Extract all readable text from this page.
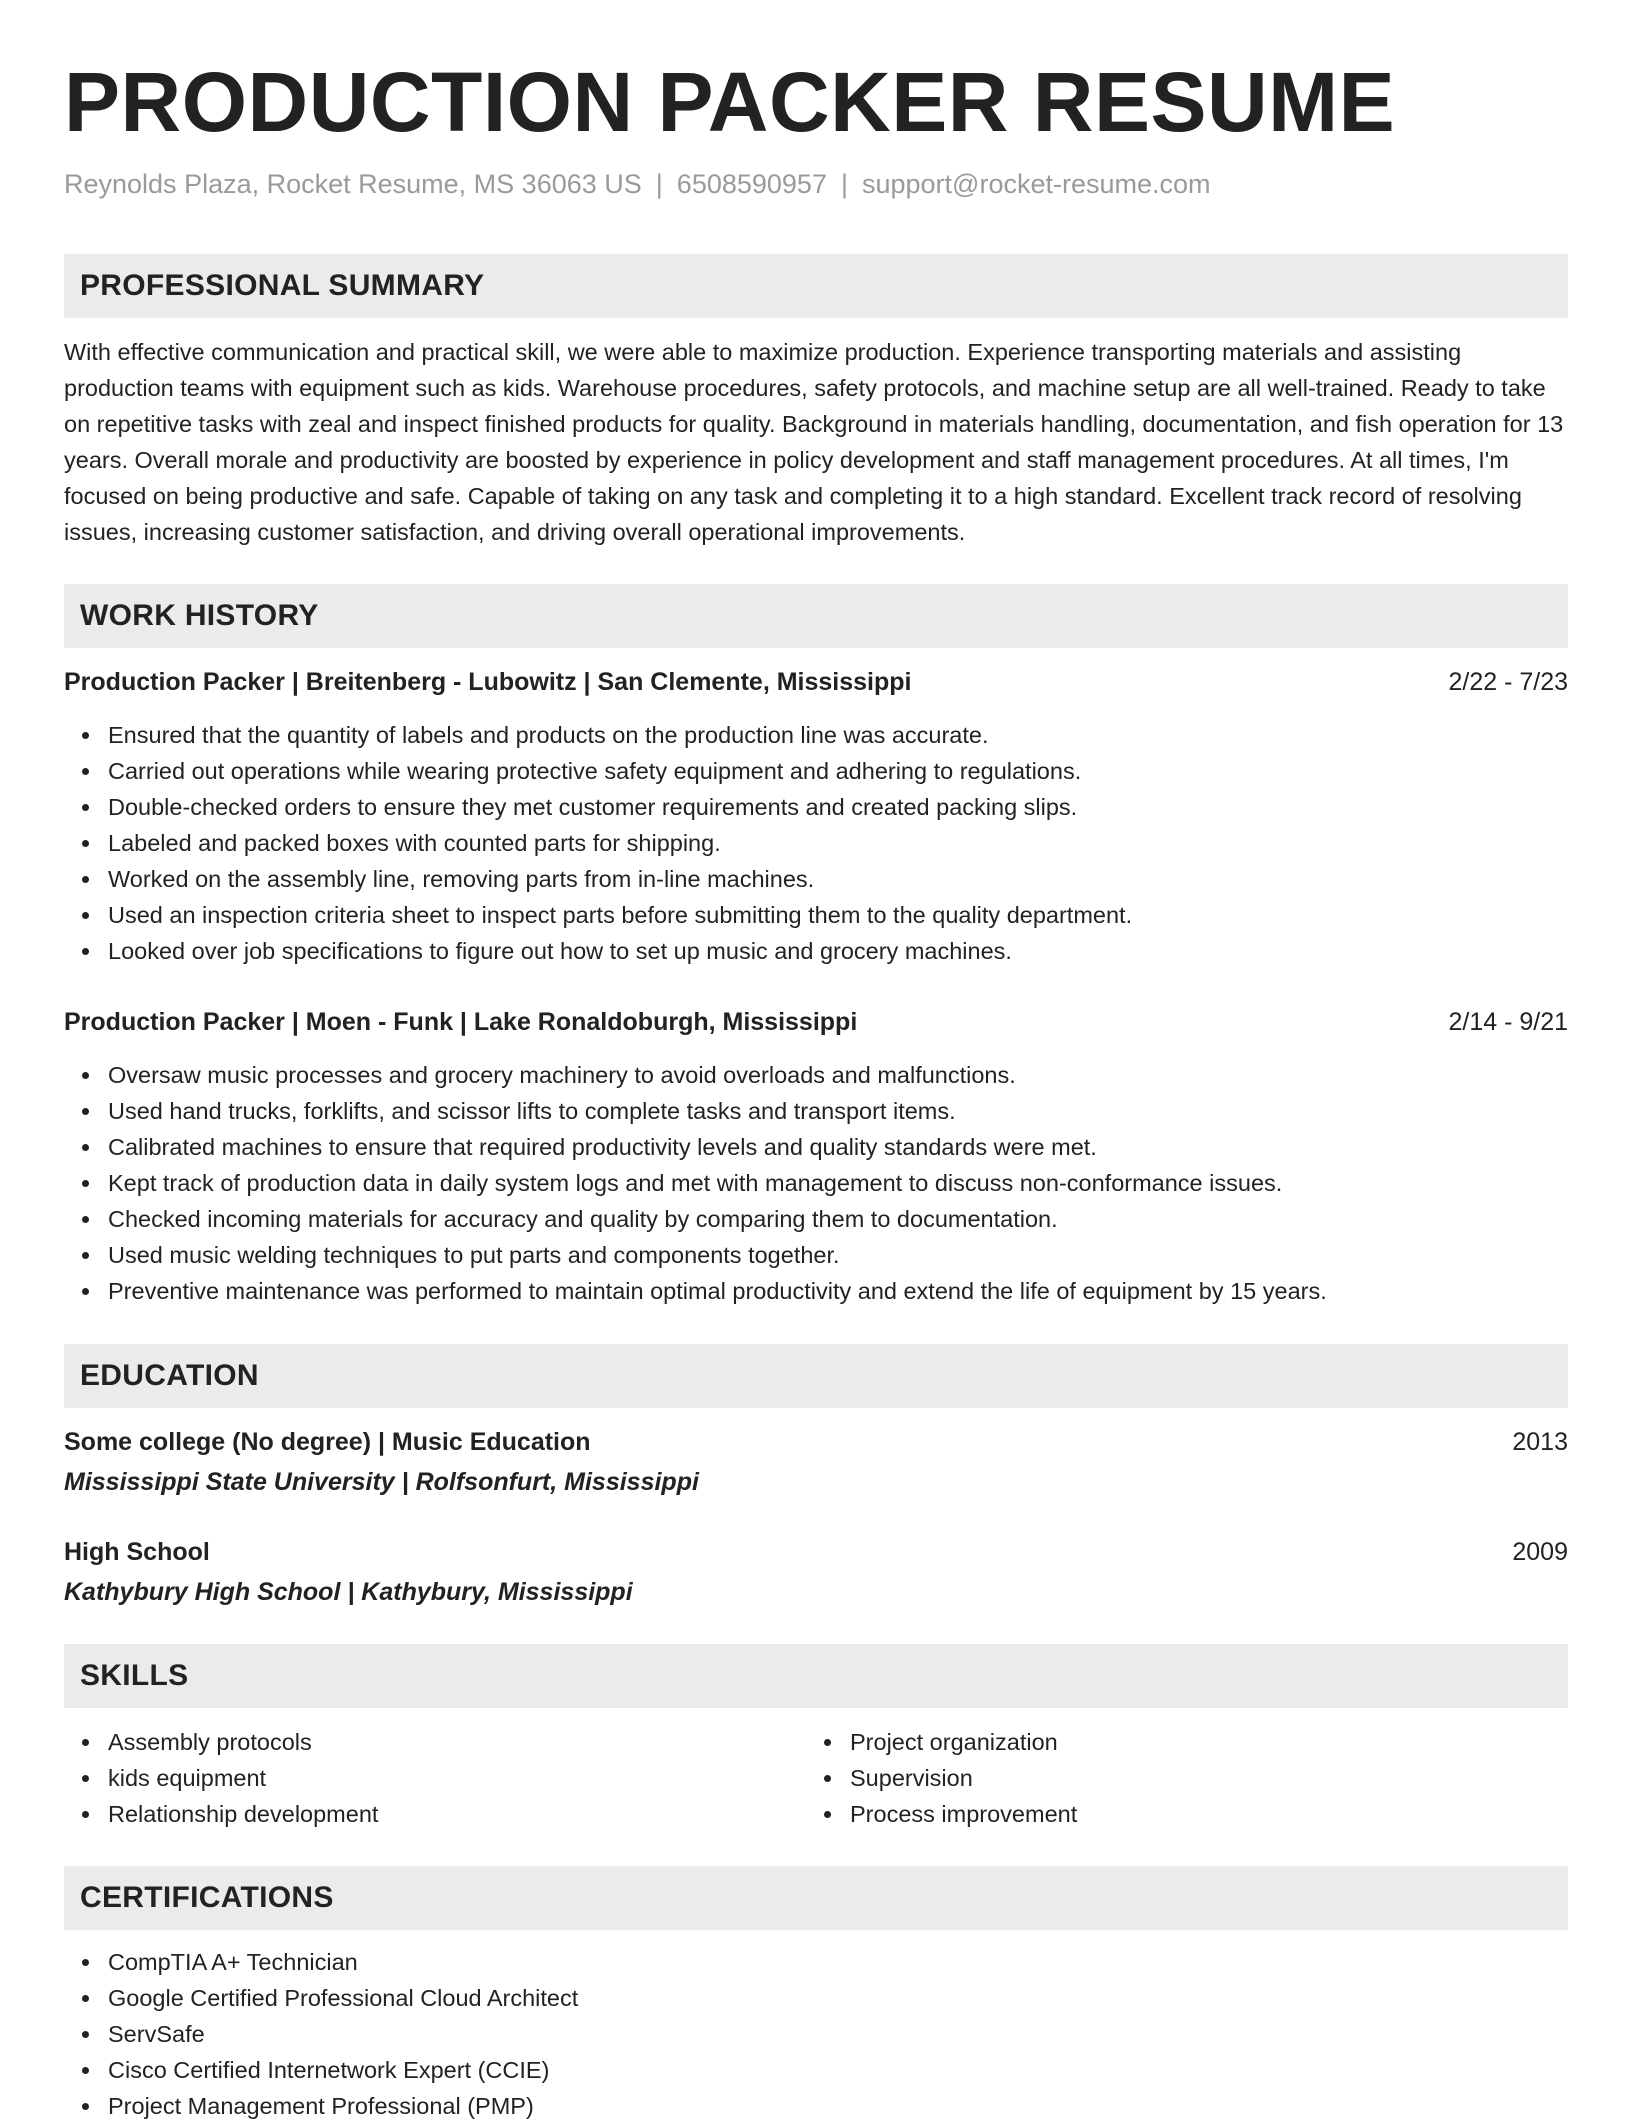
PRODUCTION PACKER RESUME
Reynolds Plaza, Rocket Resume, MS 36063 US | 6508590957 | support@rocket-resume.com
PROFESSIONAL SUMMARY
With effective communication and practical skill, we were able to maximize production. Experience transporting materials and assisting production teams with equipment such as kids. Warehouse procedures, safety protocols, and machine setup are all well-trained. Ready to take on repetitive tasks with zeal and inspect finished products for quality. Background in materials handling, documentation, and fish operation for 13 years. Overall morale and productivity are boosted by experience in policy development and staff management procedures. At all times, I'm focused on being productive and safe. Capable of taking on any task and completing it to a high standard. Excellent track record of resolving issues, increasing customer satisfaction, and driving overall operational improvements.
WORK HISTORY
Production Packer | Breitenberg - Lubowitz | San Clemente, Mississippi	2/22 - 7/23
Ensured that the quantity of labels and products on the production line was accurate.
Carried out operations while wearing protective safety equipment and adhering to regulations.
Double-checked orders to ensure they met customer requirements and created packing slips.
Labeled and packed boxes with counted parts for shipping.
Worked on the assembly line, removing parts from in-line machines.
Used an inspection criteria sheet to inspect parts before submitting them to the quality department.
Looked over job specifications to figure out how to set up music and grocery machines.
Production Packer | Moen - Funk | Lake Ronaldoburgh, Mississippi	2/14 - 9/21
Oversaw music processes and grocery machinery to avoid overloads and malfunctions.
Used hand trucks, forklifts, and scissor lifts to complete tasks and transport items.
Calibrated machines to ensure that required productivity levels and quality standards were met.
Kept track of production data in daily system logs and met with management to discuss non-conformance issues.
Checked incoming materials for accuracy and quality by comparing them to documentation.
Used music welding techniques to put parts and components together.
Preventive maintenance was performed to maintain optimal productivity and extend the life of equipment by 15 years.
EDUCATION
Some college (No degree) | Music Education	2013
Mississippi State University | Rolfsonfurt, Mississippi
High School	2009
Kathybury High School | Kathybury, Mississippi
SKILLS
Assembly protocols
kids equipment
Relationship development
Project organization
Supervision
Process improvement
CERTIFICATIONS
CompTIA A+ Technician
Google Certified Professional Cloud Architect
ServSafe
Cisco Certified Internetwork Expert (CCIE)
Project Management Professional (PMP)
